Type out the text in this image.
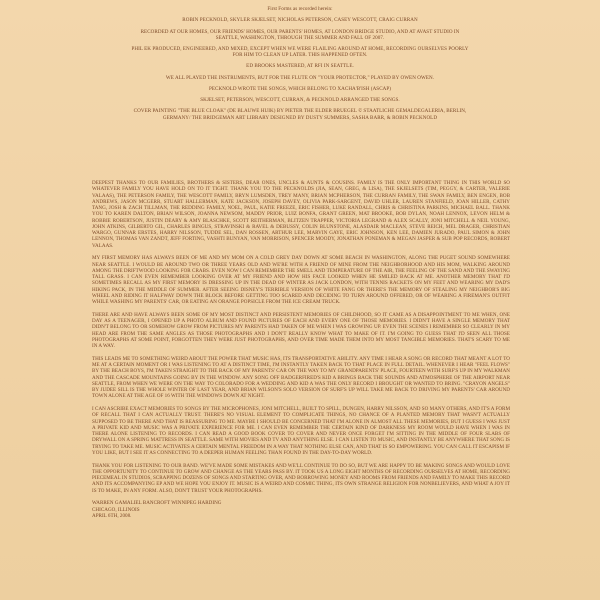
First Forms as recorded herein:

ROBIN PECKNOLD, SKYLER SKJELSET, NICHOLAS PETERSON, CASEY WESCOTT, CRAIG CURRAN

RECORDED AT OUR HOMES, OUR FRIENDS' HOMES, OUR PARENTS' HOMES, AT LONDON BRIDGE STUDIO, AND AT AVAST STUDIO IN SEATTLE, WASHINGTON, THROUGH THE SUMMER AND FALL OF 2007.

PHIL EK PRODUCED, ENGINEERED, AND MIXED, EXCEPT WHEN WE WERE FLAILING AROUND AT HOME, RECORDING OURSELVES POORLY FOR HIM TO CLEAN UP LATER. THIS HAPPENED OFTEN.

ED BROOKS MASTERED, AT RFI IN SEATTLE.

WE ALL PLAYED THE INSTRUMENTS, BUT FOR THE FLUTE ON "YOUR PROTECTOR," PLAYED BY OWEN OWEN.

PECKNOLD WROTE THE SONGS, WHICH BELONG TO XACHA'B'ISH (ASCAP)

SKJELSET, PETERSON, WESCOTT, CURRAN, & PECKNOLD ARRANGED THE SONGS.

COVER PAINTING "THE BLUE CLOAK" (DE BLAUWE HUIK) BY PIETER THE ELDER BRUEGEL © STAATLICHE GEMALDEGALERIA, BERLIN, GERMANY/ THE BRIDGEMAN ART LIBRARY DESIGNED BY DUSTY SUMMERS, SASHA BARR, & ROBIN PECKNOLD

DEEPEST THANKS TO OUR FAMILIES, BROTHERS & SISTERS, DEAR ONES, UNCLES & AUNTS & COUSINS. FAMILY IS THE ONLY IMPORTANT THING IN THIS WORLD SO WHATEVER FAMILY YOU HAVE HOLD ON TO IT TIGHT. THANK YOU TO THE PECKNOLDS (JIA, SEAN, GREG, & LISA), THE SKJELSETS (TIM, PEGGY, & CARTER, VALERIE VALAAS), THE PETERSON FAMILY, THE WESCOTT FAMILY, BRYN LUMSDEN, TREY MANY, BRIAN MCPHERSON, THE CURRAN FAMILY, THE SWAN FAMILY, BEN ENGEN, BOB ANDREWS, JASON MCGERR, STUART HALLERMAN, KATE JACKSON, JOSEPH DAVEY, OLIVIA PARK-SARGENT, DAVID UHLER, LAUREN STANFIELD, JOAN HILLER, CATHY TANG, JOSH & ZACH TILLMAN, THE REDDING FAMILY, NOEL, PAUL, KATIE FREEZE, ERIC FISHER, LUKE RANDALL, CHRIS & CHRISTINA PARKINS, MICHAEL BALL. THANK YOU TO KAREN DALTON, BRIAN WILSON, JOANNA NEWSOM, MADDY PRIOR, LUIZ BONFA, GRANT GREEN, MAT BROOKE, BOB DYLAN, NOAH LENNOX, LEVON HELM & ROBBIE ROBERTSON, JUSTIN DEARY & AMY BLASCHKE, SCOTT REITHERMAN, BLITZEN TRAPPER, VICTORIA LEGRAND & ALEX SCALLY, JONI MITCHELL & NEIL YOUNG, JOHN ATKINS, GILBERTO GIL, CHARLES BINGUS, STRAVINSKI & RAVEL & DEBUSSY, COLIN BLUNSTONE, ALASDAIR MACLEAN, STEVE REICH, MEL DRAGER, CHRISTIAN WARGO, GUNNAR ERSTES, HARRY NILSSON, TUDDE SEL, DAN ROSSEN, ARTHUR LEE, MARVIN GAYE, ERIC JOHNSON, KEN LEE, DAMIEN JURADO, PAUL SIMON & JOHN LENNON, THOMAS VAN ZANDT, JEFF FORTING, VASHTI BUNYAN, VAN MORRISON, SPENCER MOODY, JONATHAN PONEMAN & MEGAN JASPER & SUB POP RECORDS, ROBERT VALAAS.

MY FIRST MEMORY HAS ALWAYS BEEN OF ME AND MY MOM ON A COLD GREY DAY DOWN AT SOME BEACH IN WASHINGTON, ALONG THE PUGET SOUND SOMEWHERE NEAR SEATTLE. I WOULD BE AROUND TWO OR THREE YEARS OLD AND WE'RE WITH A FRIEND OF MINE FROM THE NEIGHBORHOOD AND HIS MOM, WALKING AROUND AMONG THE DRIFTWOOD LOOKING FOR CRABS. EVEN NOW I CAN REMEMBER THE SMELL AND TEMPERATURE OF THE AIR, THE FEELING OF THE SAND AND THE SWAYING TALL GRASS. I CAN EVEN REMEMBER LOOKING OVER AT MY FRIEND AND HOW HIS FACE LOOKED WHEN HE SMILED BACK AT ME. ANOTHER MEMORY THAT I'D SOMETIMES RECALL AS MY FIRST MEMORY IS DRESSING UP IN THE DEAD OF WINTER AS JACK LONDON, WITH TENNIS RACKETS ON MY FEET AND WEARING MY DAD'S HIKING PACK, IN THE MIDDLE OF SUMMER. AFTER SEEING DISNEY'S TERRIBLE VERSION OF WHITE FANG OR THERE'S THE MEMORY OF STEALING MY NEIGHBOR'S BIG WHEEL AND RIDING IT HALFWAY DOWN THE BLOCK BEFORE GETTING TOO SCARED AND DECIDING TO TURN AROUND OFFERED, OR OF WEARING A FIREMAN'S OUTFIT WHILE WASHING MY PARENTS' CAR, OR EATING AN ORANGE POPSICLE FROM THE ICE CREAM TRUCK.

THERE ARE AND HAVE ALWAYS BEEN SOME OF MY MOST DISTINCT AND PERSISTENT MEMORIES OF CHILDHOOD, SO IT CAME AS A DISAPPOINTMENT TO ME WHEN, ONE DAY AS A TEENAGER, I OPENED UP A PHOTO ALBUM AND FOUND PICTURES OF EACH AND EVERY ONE OF THOSE MEMORIES. I DIDN'T HAVE A SINGLE MEMORY THAT DIDN'T BELONG TO OR SOMEHOW GROW FROM PICTURES MY PARENTS HAD TAKEN OF ME WHEN I WAS GROWING UP. EVEN THE SCENES I REMEMBER SO CLEARLY IN MY HEAD ARE FROM THE SAME ANGLES AS THOSE PHOTOGRAPHS AND I DON'T REALLY KNOW WHAT TO MAKE OF IT. I'M GOING TO GUESS THAT I'D SEEN ALL THOSE PHOTOGRAPHS AT SOME POINT, FORGOTTEN THEY WERE JUST PHOTOGRAPHS, AND OVER TIME MADE THEM INTO MY MOST TANGIBLE MEMORIES. THAT'S SCARY TO ME IN A WAY.

THIS LEADS ME TO SOMETHING WEIRD ABOUT THE POWER THAT MUSIC HAS, ITS TRANSPORTATIVE ABILITY. ANY TIME I HEAR A SONG OR RECORD THAT MEANT A LOT TO ME AT A CERTAIN MOMENT OR I WAS LISTENING TO AT A DISTINCT TIME, I'M INSTANTLY TAKEN BACK TO THAT PLACE IN FULL DETAIL. WHENEVER I HEAR "FEEL FLOWS" BY THE BEACH BOYS, I'M TAKEN STRAIGHT TO THE BACK OF MY PARENTS' CAR ON THE WAY TO MY GRANDPARENTS' PLACE, FOURTEEN WITH SURF'S UP IN MY WALKMAN AND THE CASCADE MOUNTAINS GOING BY IN THE WINDOW. ANY SONG OFF BADGERFIRED'S KID A BRINGS BACK THE SOUNDS AND ATMOSPHERE OF THE AIRPORT NEAR SEATTLE, FROM WHEN WE WERE ON THE WAY TO COLORADO FOR A WEDDING AND KID A WAS THE ONLY RECORD I BROUGHT OR WANTED TO BRING. "CRAYON ANGELS" BY JUDEE SILL IS THE WHOLE WINTER OF LAST YEAR, AND BRIAN WILSON'S SOLO VERSION OF SURF'S UP WILL TAKE ME BACK TO DRIVING MY PARENTS' CAR AROUND TOWN ALONE AT THE AGE OF 16 WITH THE WINDOWS DOWN AT NIGHT.

I CAN ASCRIBE EXACT MEMORIES TO SONGS BY THE MICROPHONES, JONI MITCHELL, BUILT TO SPILL, DUNGEN, HARRY NILSSON, AND SO MANY OTHERS, AND IT'S A FORM OF RECALL THAT I CAN ACTUALLY TRUST. THERE'S NO VISUAL ELEMENT TO COMPLICATE THINGS, NO CHANCE OF A PLANTED MEMORY THAT WASN'T ACTUALLY SUPPOSED TO BE THERE AND THAT IS REASSURING TO ME. MAYBE I SHOULD BE CONCERNED THAT I'M ALONE IN ALMOST ALL THESE MEMORIES, BUT I GUESS I WAS JUST A PRIVATE KID AND MUSIC WAS A PRIVATE EXPERIENCE FOR ME. I CAN EVEN REMEMBER THE CERTAIN KIND OF DARKNESS MY ROOM WOULD HAVE WHEN I WAS IN THERE ALONE LISTENING TO RECORDS. I CAN READ A GOOD BOOK COVER TO COVER AND NEVER ONCE FORGET I'M SITTING IN THE MIDDLE OF FOUR SLABS OF DRYWALL ON A SPRING MATTRESS IN SEATTLE. SAME WITH MOVIES AND TV AND ANYTHING ELSE. I CAN LISTEN TO MUSIC, AND INSTANTLY BE ANYWHERE THAT SONG IS TRYING TO TAKE ME. MUSIC ACTIVATES A CERTAIN MENTAL FREEDOM IN A WAY THAT NOTHING ELSE CAN, AND THAT IS SO EMPOWERING. YOU CAN CALL IT ESCAPISM IF YOU LIKE, BUT I SEE IT AS CONNECTING TO A DEEPER HUMAN FEELING THAN FOUND IN THE DAY-TO-DAY WORLD.

THANK YOU FOR LISTENING TO OUR BAND. WE'VE MADE SOME MISTAKES AND WE'LL CONTINUE TO DO SO, BUT WE ARE HAPPY TO BE MAKING SONGS AND WOULD LOVE THE OPPORTUNITY TO CONTINUE TO GROW AND CHANGE AS THE YEARS PASS BY. IT TOOK US A LONG EIGHT MONTHS OF RECORDING OURSELVES AT HOME, RECORDING PIECEMEAL IN STUDIOS, SCRAPPING DOZENS OF SONGS AND STARTING OVER, AND BORROWING MONEY AND ROOMS FROM FRIENDS AND FAMILY TO MAKE THIS RECORD AND ITS ACCOMPANYING EP AND WE HOPE YOU ENJOY IT. MUSIC IS A WEIRD AND COSMIC THING, ITS OWN STRANGE RELIGION FOR NONBELIEVERS, AND WHAT A JOY IT IS TO MAKE, IN ANY FORM. ALSO, DON'T TRUST YOUR PHOTOGRAPHS.

WARREN GAMALIEL BANCROFT WINNIPEG HARDING

CHICAGO, ILLINOIS

APRIL 6TH, 2008.
